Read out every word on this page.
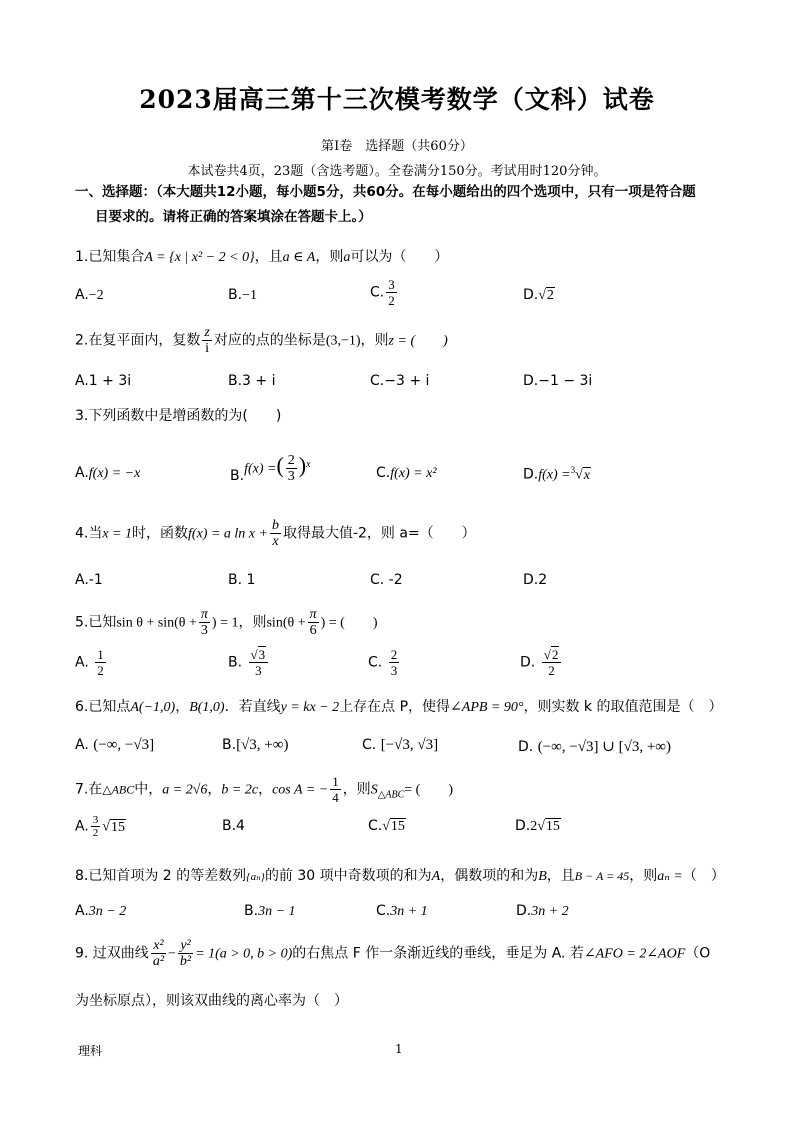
2023届高三第十三次模考数学（文科）试卷
第Ⅰ卷　选择题（共60分）
本试卷共4页，23题（含选考题）。全卷满分150分。考试用时120分钟。
一、选择题：（本大题共12小题，每小题5分，共60分。在每小题给出的四个选项中，只有一项是符合题
目要求的。请将正确的答案填涂在答题卡上。）
1.已知集合A = {x | x² − 2 < 0}，且a ∈ A，则a可以为（　　）
A.−2	B.−1	C. $\frac{3}{2}$	D.√2
2.在复平面内，复数 $\frac{z}{i}$ 对应的点的坐标是(3,−1)，则z = (　　)
A.1 + 3i	B.3 + i	C.−3 + i	D.−1 − 3i
3.下列函数中是增函数的为(　　)
A.f(x) = −x	B.f(x) =( $\frac{2}{3} )^x$
C.f(x) = x²	D.f(x) =$^3$√x
4.当x = 1时，函数f(x) = a $\ln x + \frac{b}{x}$ 取得最大值-2，则 a=（　　）
A.-1	B. 1	C. -2	D.2
5.已知$\sin \theta + \sin(\theta + \frac{\pi}{3}$ ) = 1，则$\sin(\theta + \frac{\pi}{6}$ ) = (　　)
A. $\frac{1}{2}$	B. $\frac{√3}{3}$	C. $\frac{2}{3}$	D. $\frac{√2}{2}$
6.已知点A(−1,0)，B(1,0)．若直线y = kx − 2上存在点 P，使得∠APB = 90°，则实数 k 的取值范围是（　）
A. (−∞, −√3]	B.[√3, +∞)	C. [−√3, √3]	D. (−∞, −√3] ∪ [√3, +∞)
7.在△ABC中，a = 2√6，b = 2c，cos A = − $\frac{1}{4}$ ，则$S_{\triangle ABC}=$ (　　)
A. $\frac{3}{2} √15$	B.4	C.√15	D.2√15
8.已知首项为 2 的等差数列{aₙ}的前 30 项中奇数项的和为A，偶数项的和为B，且B − A = 45，则aₙ =（　）
A.3n − 2	B.3n − 1	C.3n + 1	D.3n + 2
9. 过双曲线 $\frac{\text{x²}}{\text{a²}} - \frac{\text{y²}}{\text{b²}} = 1(a > 0$, b > 0)的右焦点 F 作一条渐近线的垂线，垂足为 A. 若∠AFO = 2∠AOF（O
为坐标原点），则该双曲线的离心率为（　）
理科	1
